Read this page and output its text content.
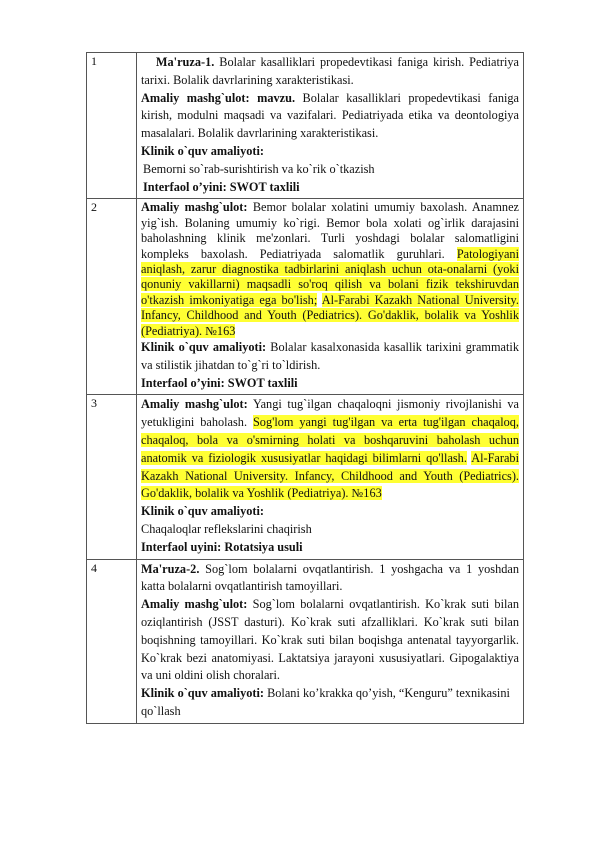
1	Ma'ruza-1. Bolalar kasalliklari propedevtikasi faniga kirish. Pediatriya tarixi. Bolalik davrlarining xarakteristikasi.

Amaliy mashg`ulot: mavzu. Bolalar kasalliklari propedevtikasi faniga kirish, modulni maqsadi va vazifalari. Pediatriyada etika va deontologiya masalalari. Bolalik davrlarining xarakteristikasi.

Klinik o`quv amaliyoti:

Bemorni so`rab-surishtirish va ko`rik o`tkazish

Interfaol o’yini: SWOT taxlili

2	Amaliy mashg`ulot: Bemor bolalar xolatini umumiy baxolash. Anamnez yig`ish. Bolaning umumiy ko`rigi. Bemor bola xolati og`irlik darajasini baholashning klinik me'zonlari. Turli yoshdagi bolalar salomatligini kompleks baxolash. Pediatriyada salomatlik guruhlari. Patologiyani aniqlash, zarur diagnostika tadbirlarini aniqlash uchun ota-onalarni (yoki qonuniy vakillarni) maqsadli so'roq qilish va bolani fizik tekshiruvdan o'tkazish imkoniyatiga ega bo'lish; Al-Farabi Kazakh National University. Infancy, Childhood and Youth (Pediatrics). Go'daklik, bolalik va Yoshlik (Pediatriya). №163

Klinik o`quv amaliyoti: Bolalar kasalxonasida kasallik tarixini grammatik va stilistik jihatdan to`g`ri to`ldirish.

Interfaol o’yini: SWOT taxlili

3	Amaliy mashg`ulot: Yangi tug`ilgan chaqaloqni jismoniy rivojlanishi va yetukligini baholash. Sog'lom yangi tug'ilgan va erta tug'ilgan chaqaloq, chaqaloq, bola va o'smirning holati va boshqaruvini baholash uchun anatomik va fiziologik xususiyatlar haqidagi bilimlarni qo'llash. Al-Farabi Kazakh National University. Infancy, Childhood and Youth (Pediatrics). Go'daklik, bolalik va Yoshlik (Pediatriya). №163

Klinik o`quv amaliyoti:

Chaqaloqlar reflekslarini chaqirish

Interfaol uyini: Rotatsiya usuli

4	Ma'ruza-2. Sog`lom bolalarni ovqatlantirish. 1 yoshgacha va 1 yoshdan katta bolalarni ovqatlantirish tamoyillari.

Amaliy mashg`ulot: Sog`lom bolalarni ovqatlantirish. Ko`krak suti bilan oziqlantirish (JSST dasturi). Ko`krak suti afzalliklari. Ko`krak suti bilan boqishning tamoyillari. Ko`krak suti bilan boqishga antenatal tayyorgarlik. Ko`krak bezi anatomiyasi. Laktatsiya jarayoni xususiyatlari. Gipogalaktiya va uni oldini olish choralari.

Klinik o`quv amaliyoti: Bolani ko’krakka qo’yish, “Kenguru” texnikasini qo`llash
